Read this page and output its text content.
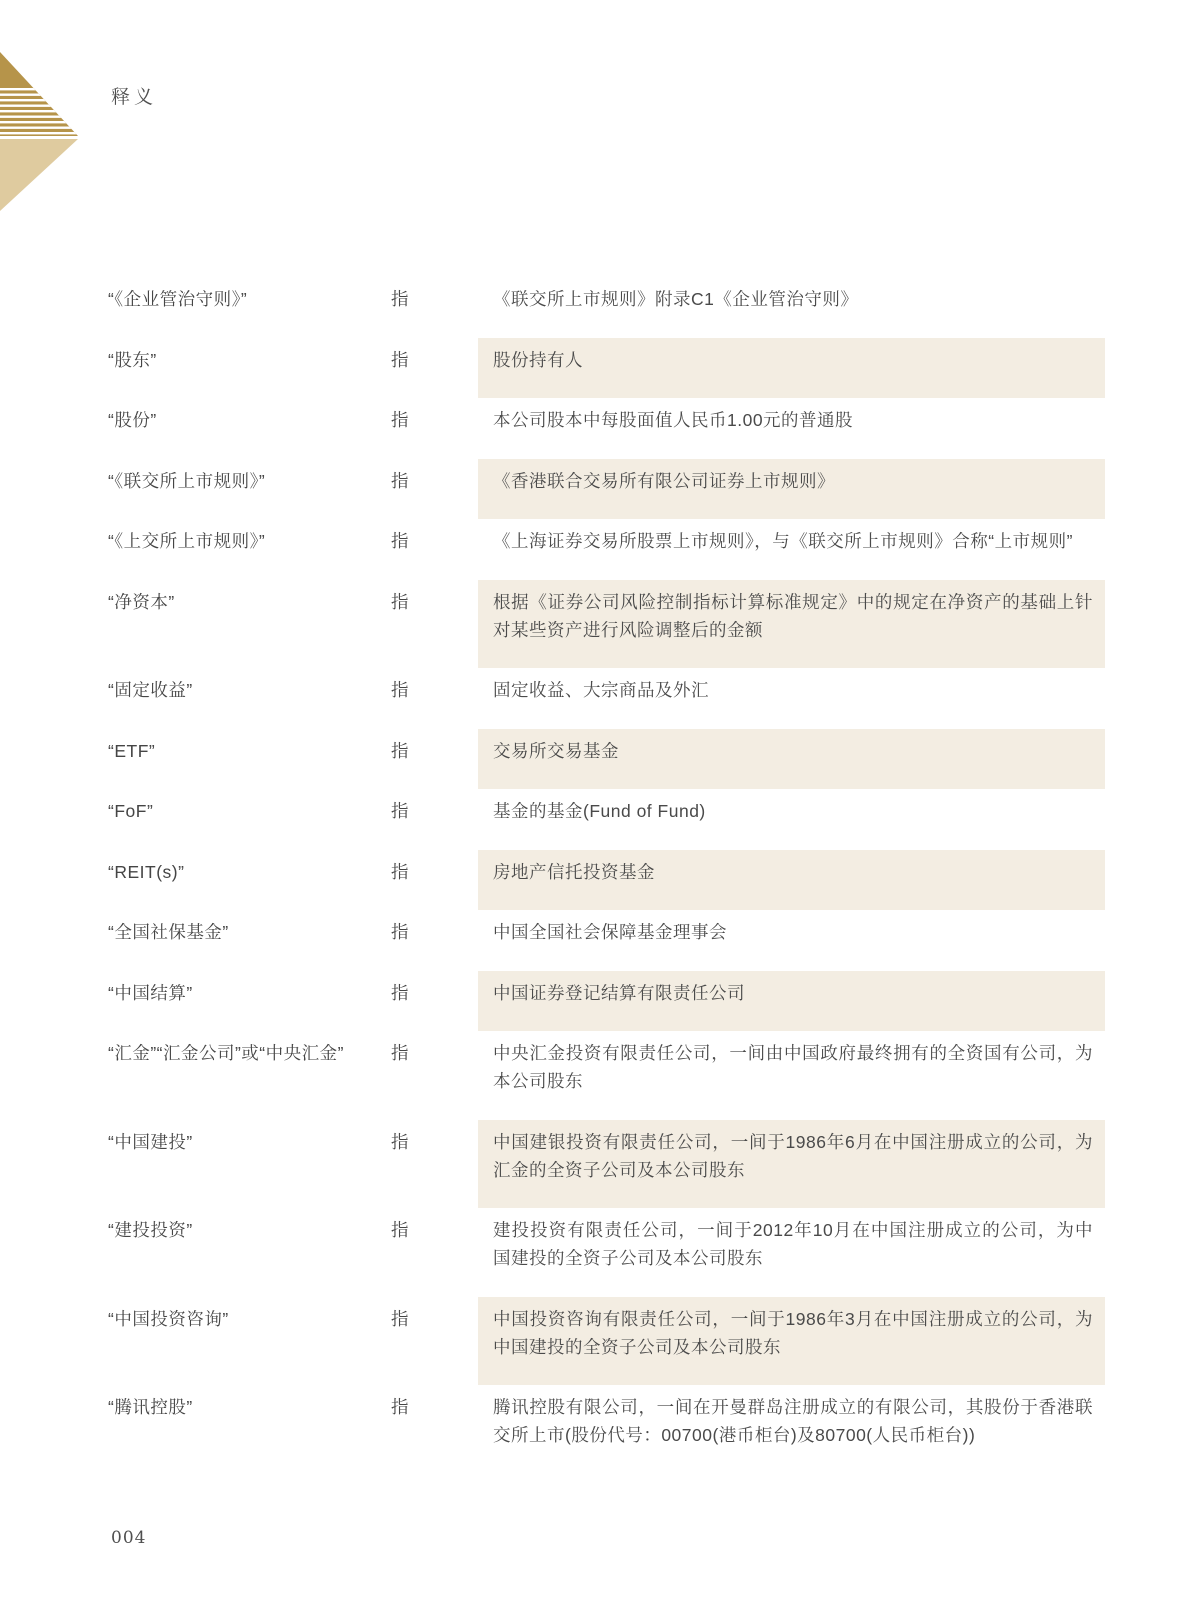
释义
“《企业管治守则》”	指	《联交所上市规则》附录C1《企业管治守则》
“股东”	指	股份持有人
“股份”	指	本公司股本中每股面值人民币1.00元的普通股
“《联交所上市规则》”	指	《香港联合交易所有限公司证券上市规则》
“《上交所上市规则》”	指	《上海证券交易所股票上市规则》，与《联交所上市规则》合称“上市规则”
“净资本”	指	根据《证券公司风险控制指标计算标准规定》中的规定在净资产的基础上针对某些资产进行风险调整后的金额
“固定收益”	指	固定收益、大宗商品及外汇
“ETF”	指	交易所交易基金
“FoF”	指	基金的基金(Fund of Fund)
“REIT(s)”	指	房地产信托投资基金
“全国社保基金”	指	中国全国社会保障基金理事会
“中国结算”	指	中国证券登记结算有限责任公司
“汇金”“汇金公司”或“中央汇金”	指	中央汇金投资有限责任公司，一间由中国政府最终拥有的全资国有公司，为本公司股东
“中国建投”	指	中国建银投资有限责任公司，一间于1986年6月在中国注册成立的公司，为汇金的全资子公司及本公司股东
“建投投资”	指	建投投资有限责任公司，一间于2012年10月在中国注册成立的公司，为中国建投的全资子公司及本公司股东
“中国投资咨询”	指	中国投资咨询有限责任公司，一间于1986年3月在中国注册成立的公司，为中国建投的全资子公司及本公司股东
“腾讯控股”	指	腾讯控股有限公司，一间在开曼群岛注册成立的有限公司，其股份于香港联交所上市(股份代号：00700(港币柜台)及80700(人民币柜台))
004
